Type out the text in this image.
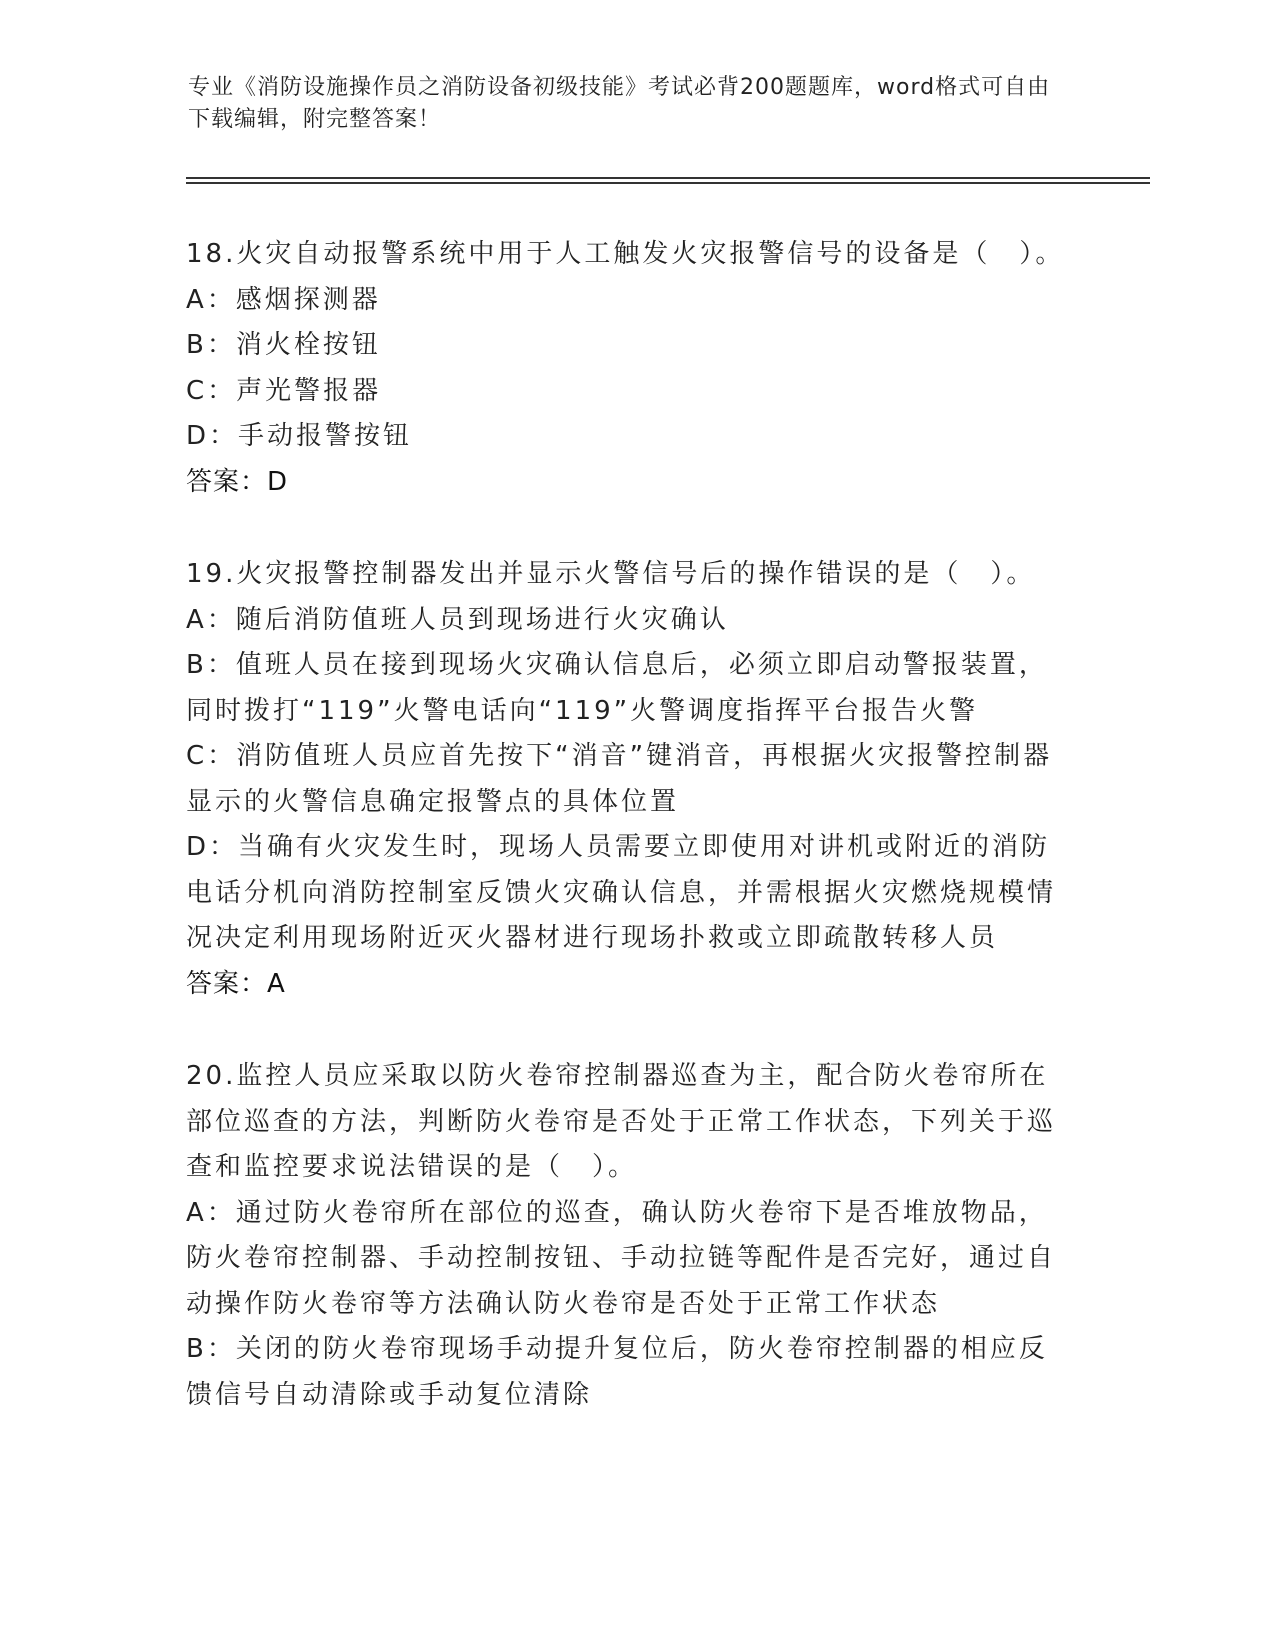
专业《消防设施操作员之消防设备初级技能》考试必背200题题库，word格式可自由下载编辑，附完整答案！
18.火灾自动报警系统中用于人工触发火灾报警信号的设备是（　）。
A：感烟探测器
B：消火栓按钮
C：声光警报器
D：手动报警按钮
答案：D
19.火灾报警控制器发出并显示火警信号后的操作错误的是（　）。
A：随后消防值班人员到现场进行火灾确认
B：值班人员在接到现场火灾确认信息后，必须立即启动警报装置，同时拨打“119”火警电话向“119”火警调度指挥平台报告火警
C：消防值班人员应首先按下“消音”键消音，再根据火灾报警控制器显示的火警信息确定报警点的具体位置
D：当确有火灾发生时，现场人员需要立即使用对讲机或附近的消防电话分机向消防控制室反馈火灾确认信息，并需根据火灾燃烧规模情况决定利用现场附近灭火器材进行现场扑救或立即疏散转移人员
答案：A
20.监控人员应采取以防火卷帘控制器巡查为主，配合防火卷帘所在部位巡查的方法，判断防火卷帘是否处于正常工作状态，下列关于巡查和监控要求说法错误的是（　）。
A：通过防火卷帘所在部位的巡查，确认防火卷帘下是否堆放物品，防火卷帘控制器、手动控制按钮、手动拉链等配件是否完好，通过自动操作防火卷帘等方法确认防火卷帘是否处于正常工作状态
B：关闭的防火卷帘现场手动提升复位后，防火卷帘控制器的相应反馈信号自动清除或手动复位清除
